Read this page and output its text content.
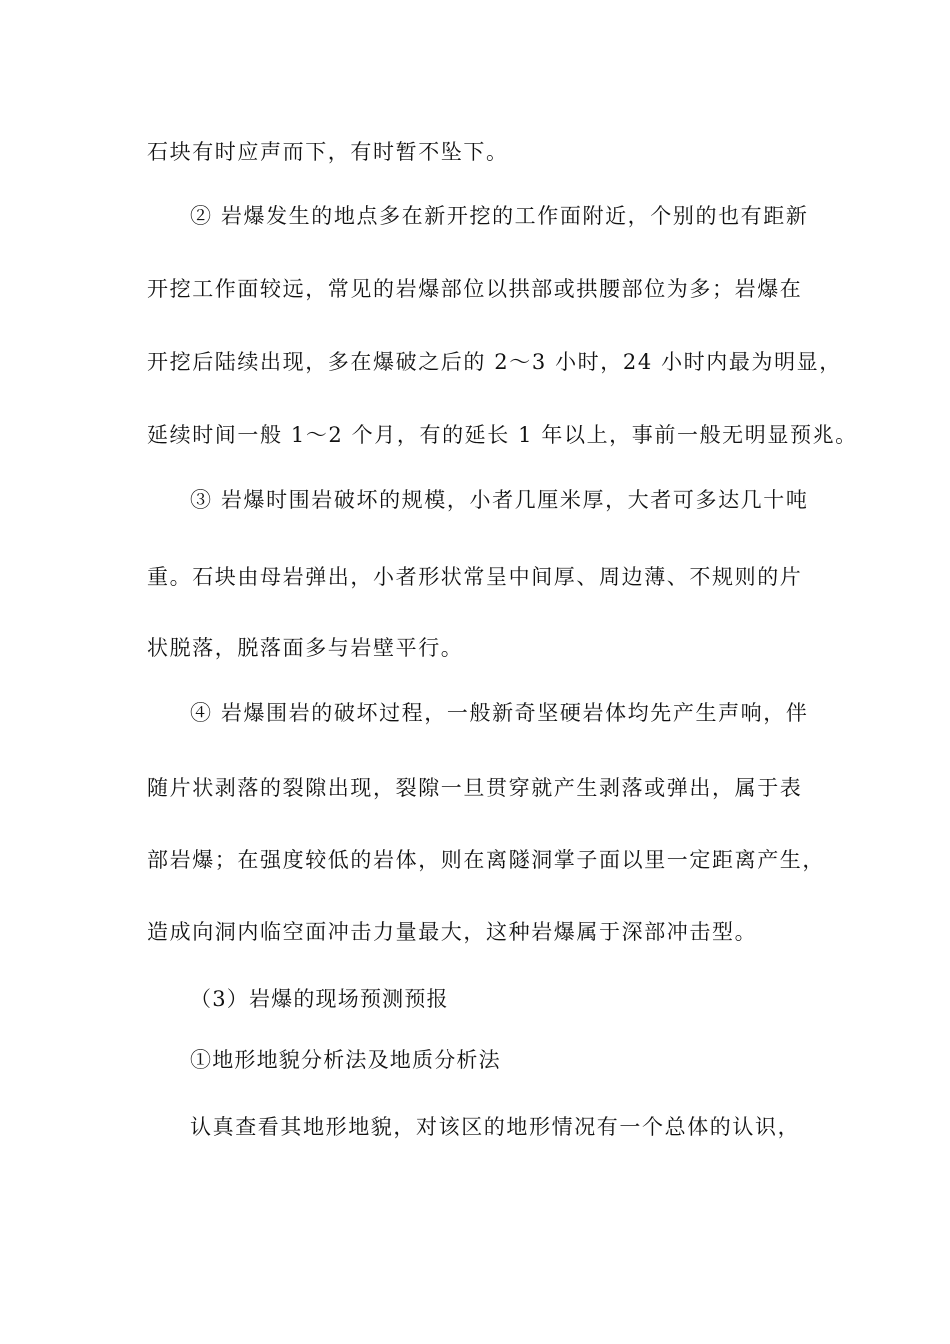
石块有时应声而下，有时暂不坠下。
② 岩爆发生的地点多在新开挖的工作面附近，个别的也有距新
开挖工作面较远，常见的岩爆部位以拱部或拱腰部位为多；岩爆在
开挖后陆续出现，多在爆破之后的 2～3 小时，24 小时内最为明显，
延续时间一般 1～2 个月，有的延长 1 年以上，事前一般无明显预兆。
③ 岩爆时围岩破坏的规模，小者几厘米厚，大者可多达几十吨
重。石块由母岩弹出，小者形状常呈中间厚、周边薄、不规则的片
状脱落，脱落面多与岩壁平行。
④ 岩爆围岩的破坏过程，一般新奇坚硬岩体均先产生声响，伴
随片状剥落的裂隙出现，裂隙一旦贯穿就产生剥落或弹出，属于表
部岩爆；在强度较低的岩体，则在离隧洞掌子面以里一定距离产生，
造成向洞内临空面冲击力量最大，这种岩爆属于深部冲击型。
（3）岩爆的现场预测预报
①地形地貌分析法及地质分析法
认真查看其地形地貌，对该区的地形情况有一个总体的认识，
